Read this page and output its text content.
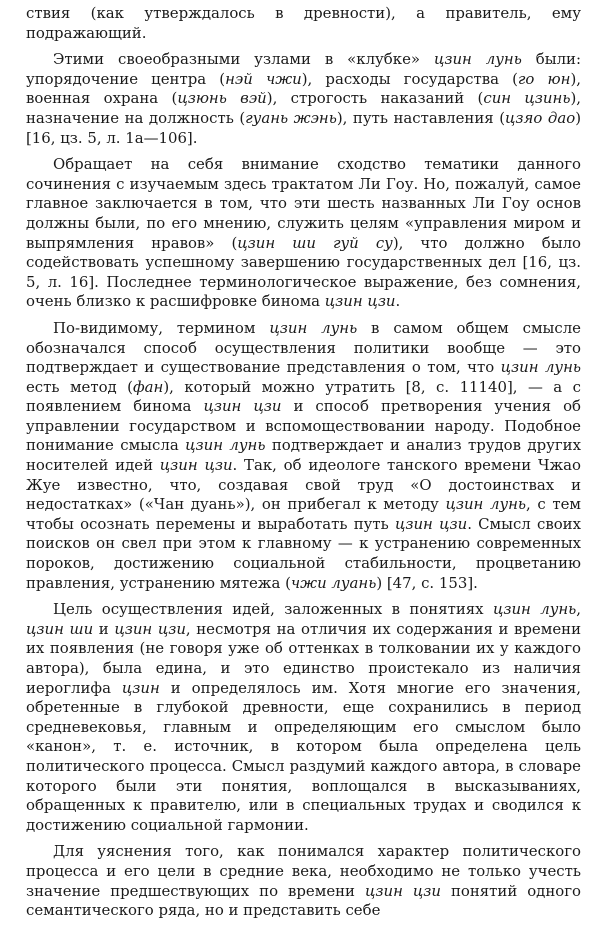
ствия (как утверждалось в древности), а правитель, ему подражающий.

Этими своеобразными узлами в «клубке» цзин лунь были: упорядочение центра (нэй чжи), расходы государства (го юн), военная охрана (цзюнь вэй), строгость наказаний (син цзинь), назначение на должность (гуань жэнь), путь наставления (цзяо дао) [16, цз. 5, л. 1а—106].

Обращает на себя внимание сходство тематики данного сочинения с изучаемым здесь трактатом Ли Гоу. Но, пожалуй, самое главное заключается в том, что эти шесть названных Ли Гоу основ должны были, по его мнению, служить целям «управления миром и выпрямления нравов» (цзин ши гуй су), что должно было содействовать успешному завершению государственных дел [16, цз. 5, л. 16]. Последнее терминологическое выражение, без сомнения, очень близко к расшифровке бинома цзин цзи.

По-видимому, термином цзин лунь в самом общем смысле обозначался способ осуществления политики вообще — это подтверждает и существование представления о том, что цзин лунь есть метод (фан), который можно утратить [8, с. 11140], — а с появлением бинома цзин цзи и способ претворения учения об управлении государством и вспомоществовании народу. Подобное понимание смысла цзин лунь подтверждает и анализ трудов других носителей идей цзин цзи. Так, об идеологе танского времени Чжао Жуе известно, что, создавая свой труд «О достоинствах и недостатках» («Чан дуань»), он прибегал к методу цзин лунь, с тем чтобы осознать перемены и выработать путь цзин цзи. Смысл своих поисков он свел при этом к главному — к устранению современных пороков, достижению социальной стабильности, процветанию правления, устранению мятежа (чжи луань) [47, с. 153].

Цель осуществления идей, заложенных в понятиях цзин лунь, цзин ши и цзин цзи, несмотря на отличия их содержания и времени их появления (не говоря уже об оттенках в толковании их у каждого автора), была едина, и это единство проистекало из наличия иероглифа цзин и определялось им. Хотя многие его значения, обретенные в глубокой древности, еще сохранились в период средневековья, главным и определяющим его смыслом было «канон», т. е. источник, в котором была определена цель политического процесса. Смысл раздумий каждого автора, в словаре которого были эти понятия, воплощался в высказываниях, обращенных к правителю, или в специальных трудах и сводился к достижению социальной гармонии.

Для уяснения того, как понимался характер политического процесса и его цели в средние века, необходимо не только учесть значение предшествующих по времени цзин цзи понятий одного семантического ряда, но и представить себе
